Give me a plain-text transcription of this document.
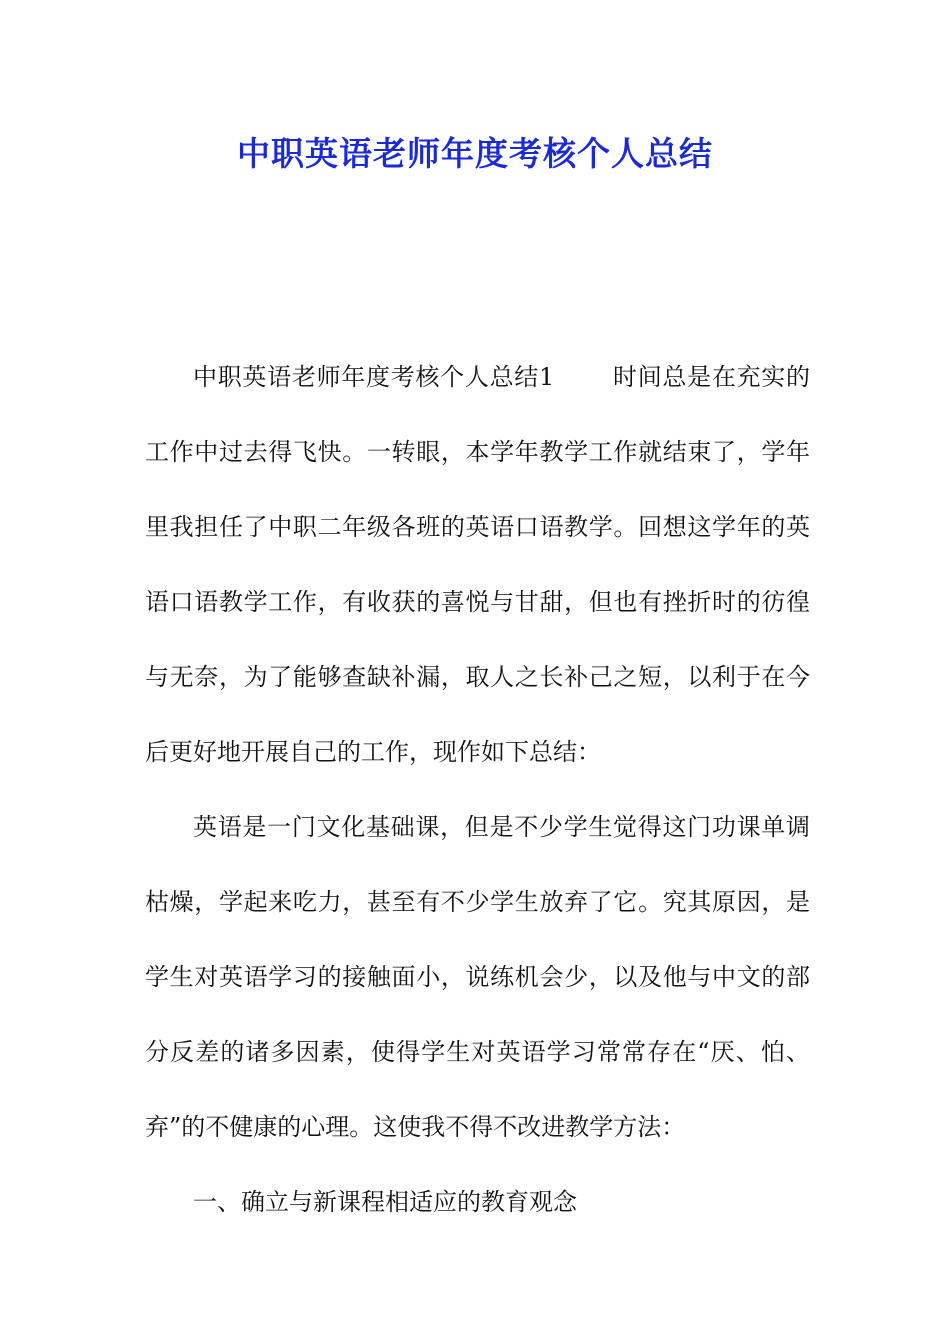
中职英语老师年度考核个人总结

中职英语老师年度考核个人总结1 时间总是在充实的工作中过去得飞快。一转眼，本学年教学工作就结束了，学年里我担任了中职二年级各班的英语口语教学。回想这学年的英语口语教学工作，有收获的喜悦与甘甜，但也有挫折时的彷徨与无奈，为了能够查缺补漏，取人之长补己之短，以利于在今后更好地开展自己的工作，现作如下总结：

英语是一门文化基础课，但是不少学生觉得这门功课单调枯燥，学起来吃力，甚至有不少学生放弃了它。究其原因，是学生对英语学习的接触面小，说练机会少，以及他与中文的部分反差的诸多因素，使得学生对英语学习常常存在“厌、怕、弃”的不健康的心理。这使我不得不改进教学方法：

一、确立与新课程相适应的教育观念
